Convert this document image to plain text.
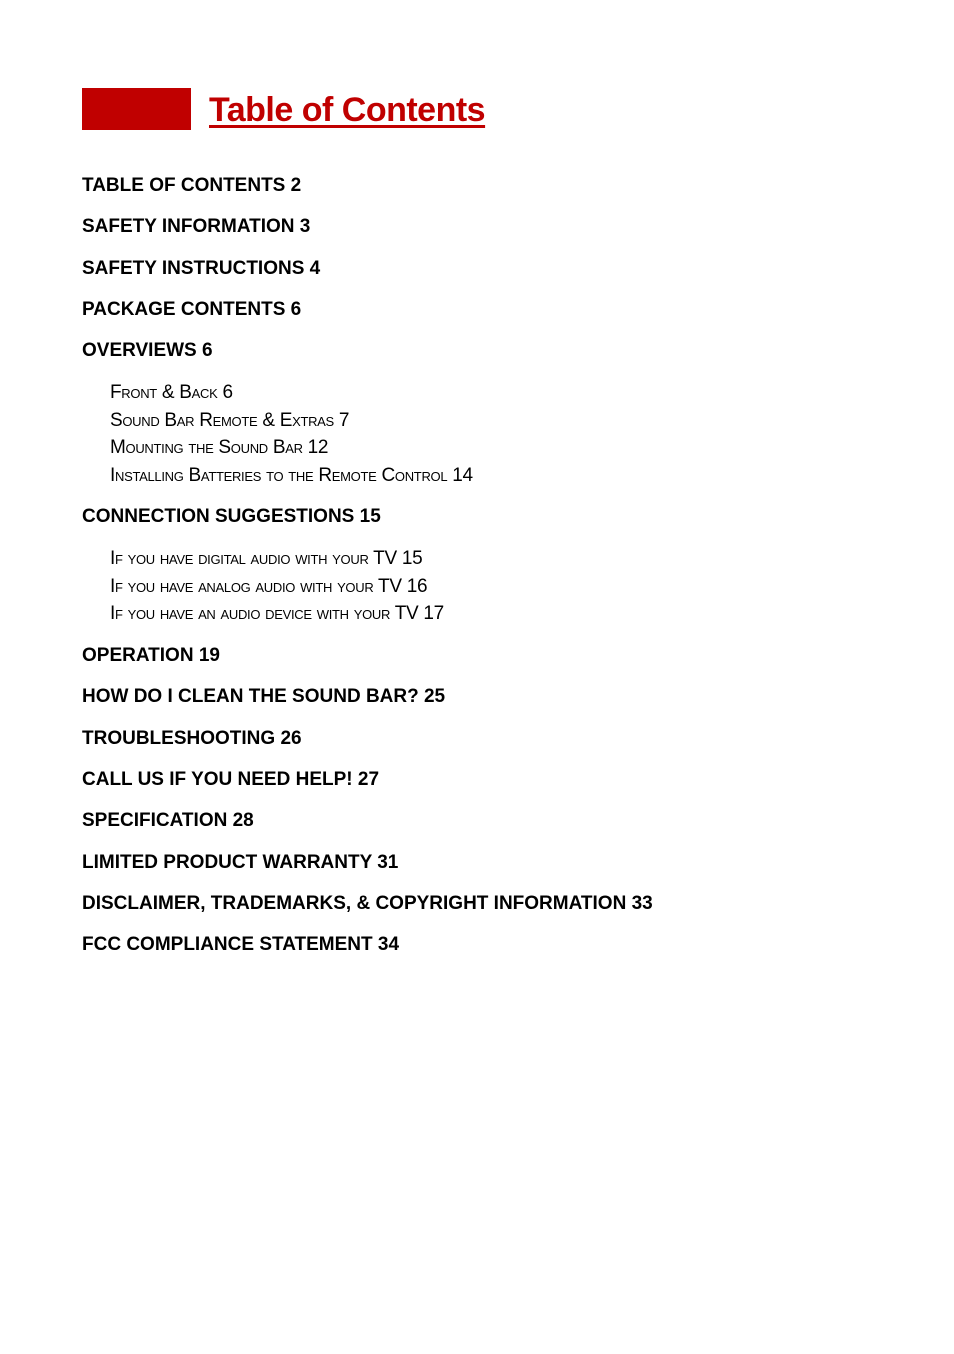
Table of Contents

TABLE OF CONTENTS 2

SAFETY INFORMATION 3

SAFETY INSTRUCTIONS 4

PACKAGE CONTENTS 6

OVERVIEWS 6

Front & Back 6

Sound Bar Remote & Extras 7

Mounting the Sound Bar 12

Installing Batteries to the Remote Control 14

CONNECTION SUGGESTIONS 15

If you have digital audio with your TV 15

If you have analog audio with your TV 16

If you have an audio device with your TV 17

OPERATION 19

HOW DO I CLEAN THE SOUND BAR? 25

TROUBLESHOOTING 26

CALL US IF YOU NEED HELP! 27

SPECIFICATION 28

LIMITED PRODUCT WARRANTY 31

DISCLAIMER, TRADEMARKS, & COPYRIGHT INFORMATION 33

FCC COMPLIANCE STATEMENT 34
